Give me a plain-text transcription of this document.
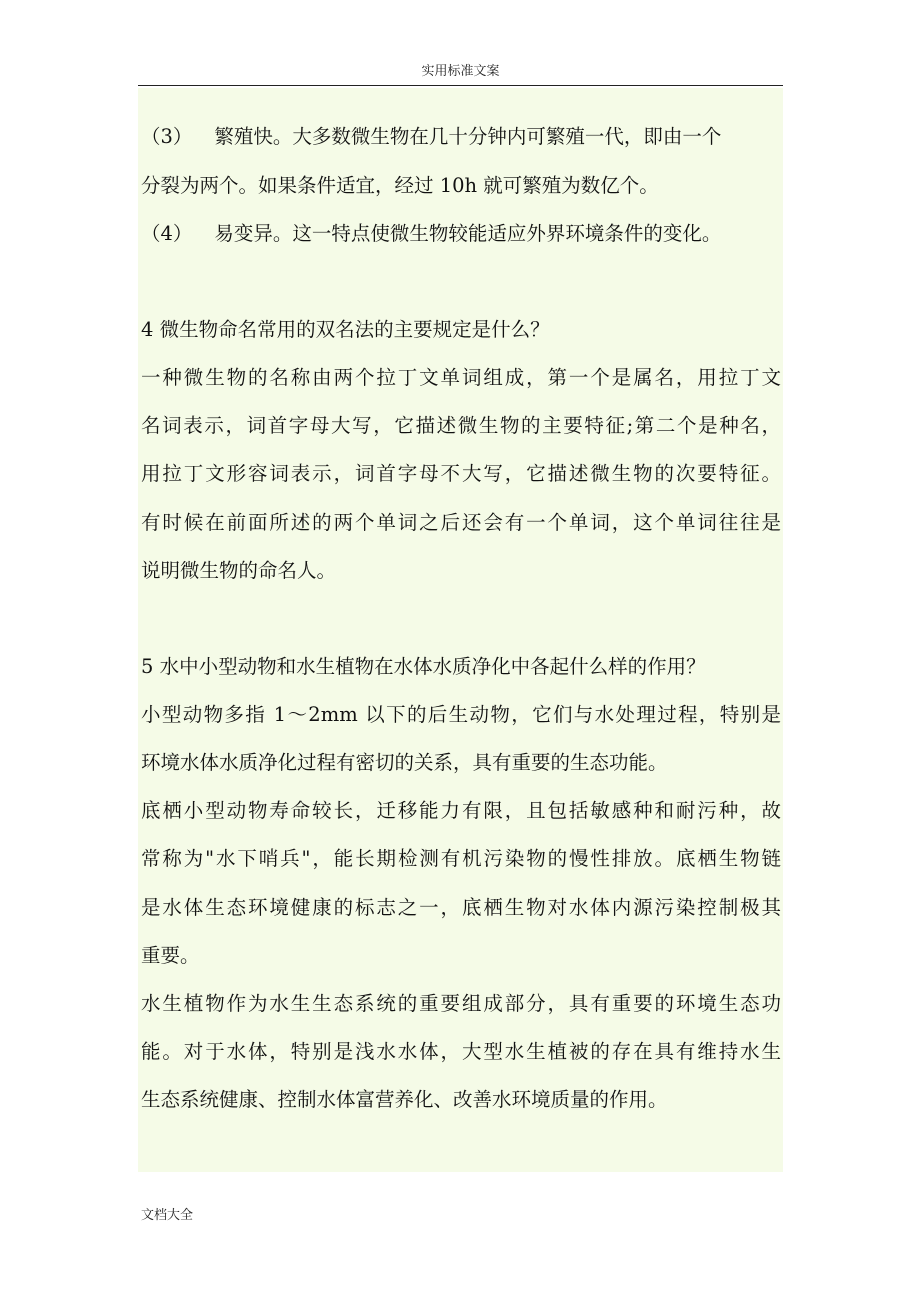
实用标准文案
（3） 繁殖快。大多数微生物在几十分钟内可繁殖一代，即由一个
分裂为两个。如果条件适宜，经过 10h 就可繁殖为数亿个。
（4） 易变异。这一特点使微生物较能适应外界环境条件的变化。
4 微生物命名常用的双名法的主要规定是什么？
一种微生物的名称由两个拉丁文单词组成，第一个是属名，用拉丁文
名词表示，词首字母大写，它描述微生物的主要特征;第二个是种名，
用拉丁文形容词表示，词首字母不大写，它描述微生物的次要特征。
有时候在前面所述的两个单词之后还会有一个单词，这个单词往往是
说明微生物的命名人。
5 水中小型动物和水生植物在水体水质净化中各起什么样的作用？
小型动物多指 1～2mm 以下的后生动物，它们与水处理过程，特别是
环境水体水质净化过程有密切的关系，具有重要的生态功能。
底栖小型动物寿命较长，迁移能力有限，且包括敏感种和耐污种，故
常称为"水下哨兵"，能长期检测有机污染物的慢性排放。底栖生物链
是水体生态环境健康的标志之一，底栖生物对水体内源污染控制极其
重要。
水生植物作为水生生态系统的重要组成部分，具有重要的环境生态功
能。对于水体，特别是浅水水体，大型水生植被的存在具有维持水生
生态系统健康、控制水体富营养化、改善水环境质量的作用。
文档大全
